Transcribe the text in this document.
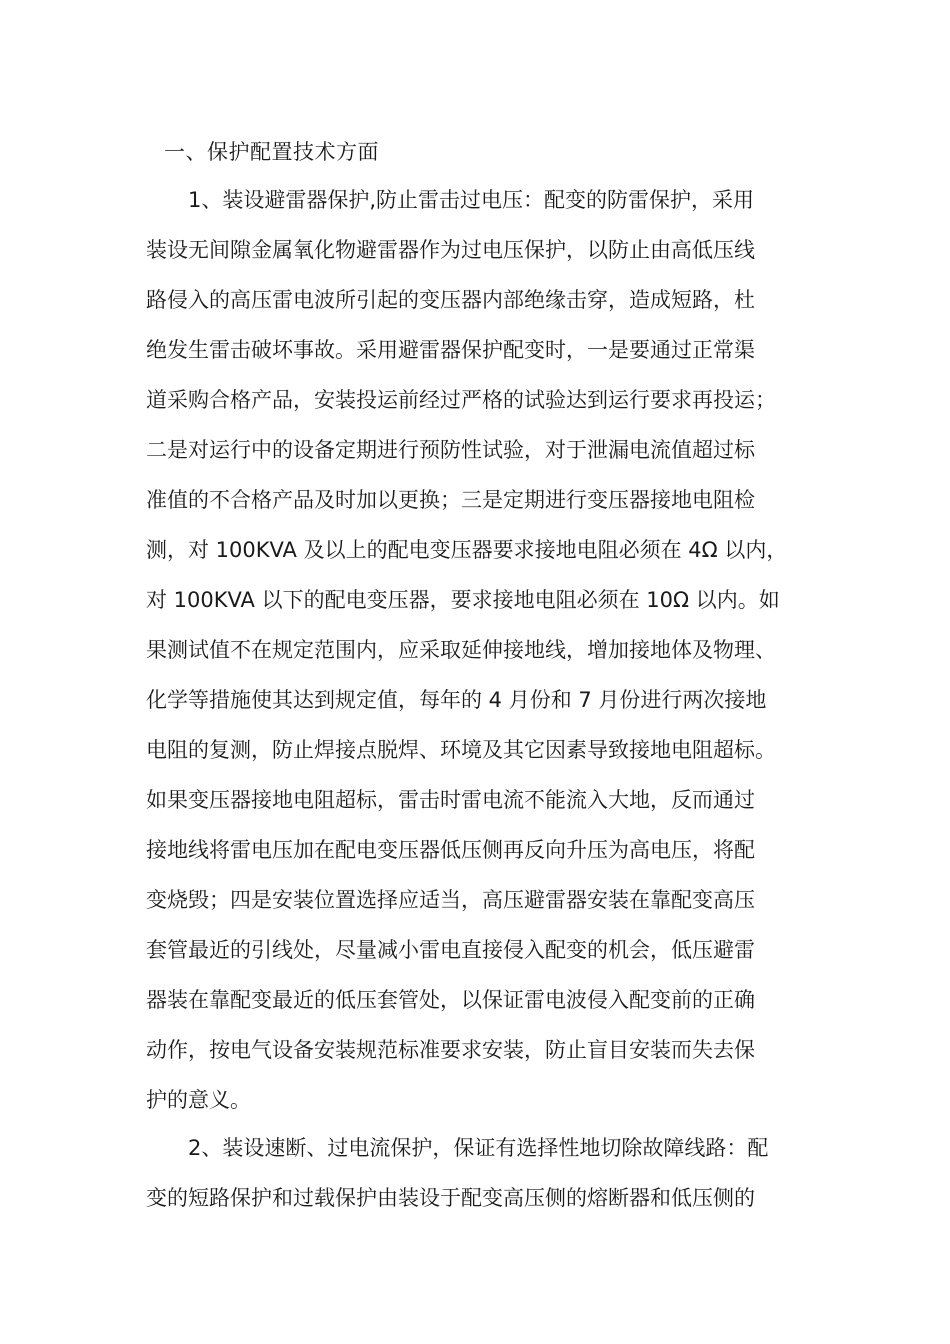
一、保护配置技术方面
1、装设避雷器保护,防止雷击过电压：配变的防雷保护，采用
装设无间隙金属氧化物避雷器作为过电压保护，以防止由高低压线
路侵入的高压雷电波所引起的变压器内部绝缘击穿，造成短路，杜
绝发生雷击破坏事故。采用避雷器保护配变时，一是要通过正常渠
道采购合格产品，安装投运前经过严格的试验达到运行要求再投运；
二是对运行中的设备定期进行预防性试验，对于泄漏电流值超过标
准值的不合格产品及时加以更换；三是定期进行变压器接地电阻检
测，对 100KVA 及以上的配电变压器要求接地电阻必须在 4Ω 以内，
对 100KVA 以下的配电变压器，要求接地电阻必须在 10Ω 以内。如
果测试值不在规定范围内，应采取延伸接地线，增加接地体及物理、
化学等措施使其达到规定值，每年的 4 月份和 7 月份进行两次接地
电阻的复测，防止焊接点脱焊、环境及其它因素导致接地电阻超标。
如果变压器接地电阻超标，雷击时雷电流不能流入大地，反而通过
接地线将雷电压加在配电变压器低压侧再反向升压为高电压，将配
变烧毁；四是安装位置选择应适当，高压避雷器安装在靠配变高压
套管最近的引线处，尽量减小雷电直接侵入配变的机会，低压避雷
器装在靠配变最近的低压套管处，以保证雷电波侵入配变前的正确
动作，按电气设备安装规范标准要求安装，防止盲目安装而失去保
护的意义。
2、装设速断、过电流保护，保证有选择性地切除故障线路：配
变的短路保护和过载保护由装设于配变高压侧的熔断器和低压侧的
